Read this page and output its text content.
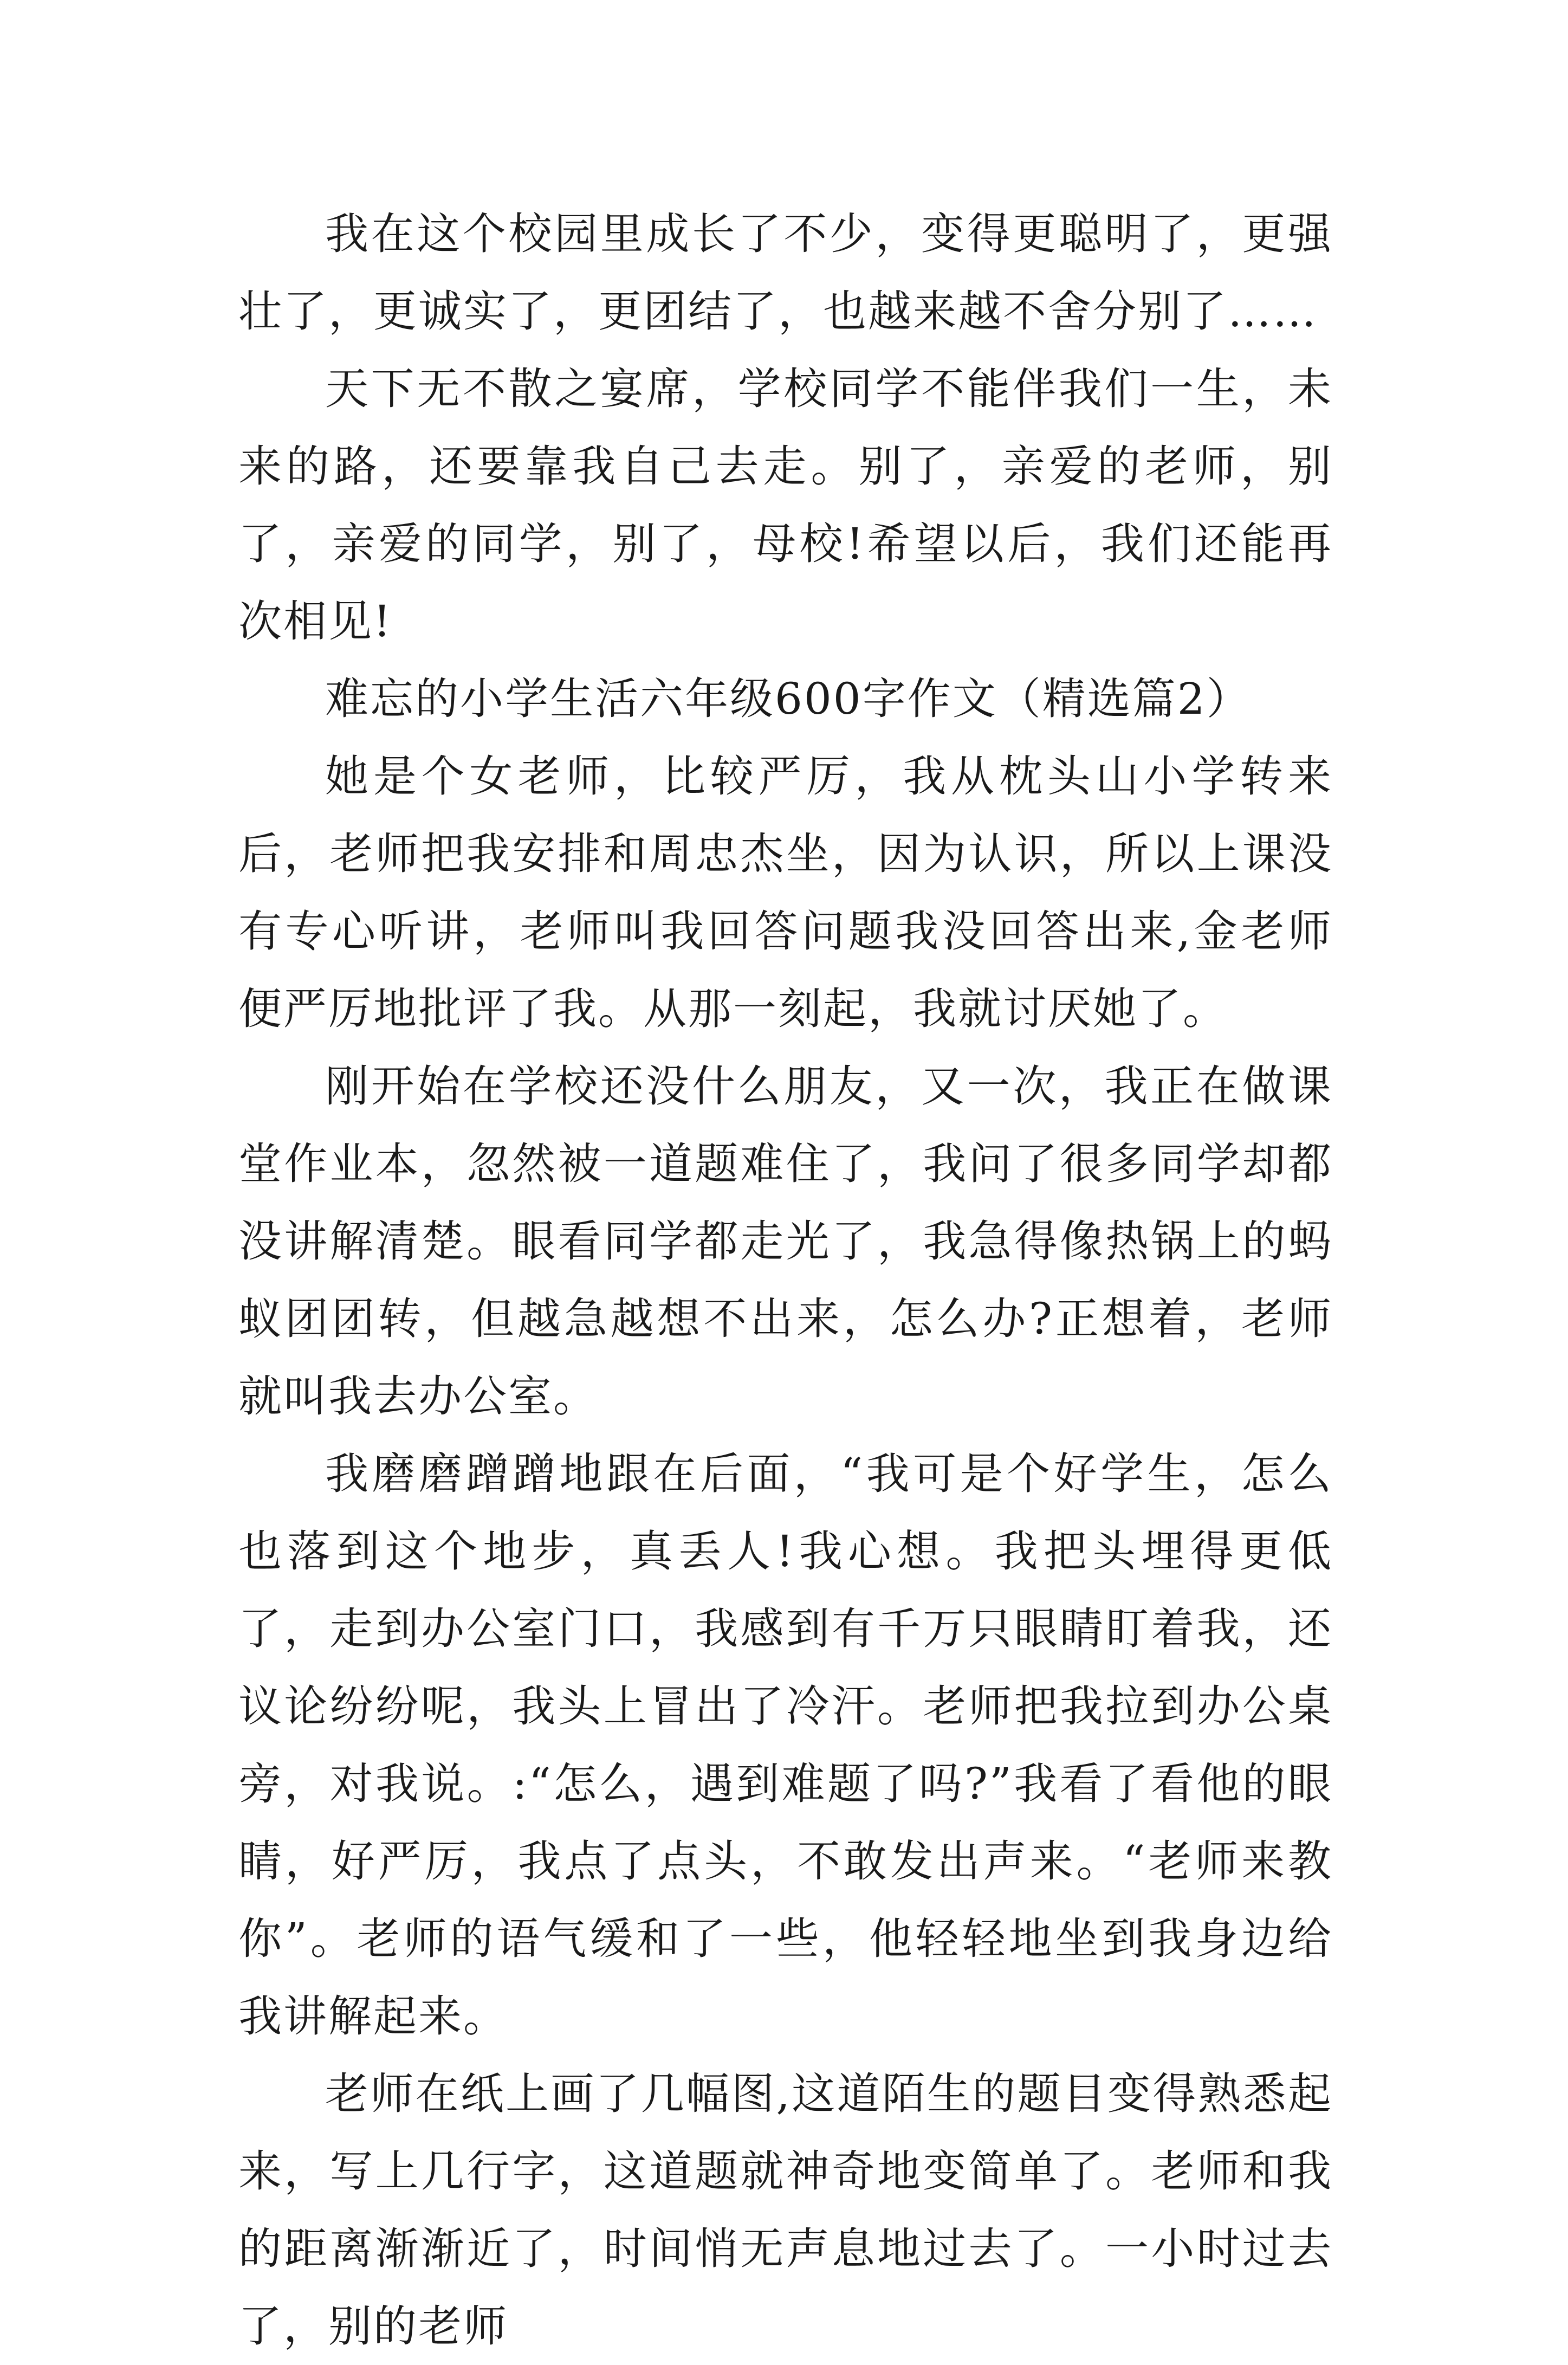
我在这个校园里成长了不少，变得更聪明了，更强壮了，更诚实了，更团结了，也越来越不舍分别了……

天下无不散之宴席，学校同学不能伴我们一生，未来的路，还要靠我自己去走。别了，亲爱的老师，别了，亲爱的同学，别了，母校!希望以后，我们还能再次相见!

难忘的小学生活六年级600字作文（精选篇2）

她是个女老师，比较严厉，我从枕头山小学转来后，老师把我安排和周忠杰坐，因为认识，所以上课没有专心听讲，老师叫我回答问题我没回答出来,金老师便严厉地批评了我。从那一刻起，我就讨厌她了。

刚开始在学校还没什么朋友，又一次，我正在做课堂作业本，忽然被一道题难住了，我问了很多同学却都没讲解清楚。眼看同学都走光了，我急得像热锅上的蚂蚁团团转，但越急越想不出来，怎么办?正想着，老师就叫我去办公室。

我磨磨蹭蹭地跟在后面，“我可是个好学生，怎么也落到这个地步，真丢人!我心想。我把头埋得更低了，走到办公室门口，我感到有千万只眼睛盯着我，还议论纷纷呢，我头上冒出了冷汗。老师把我拉到办公桌旁，对我说。:“怎么，遇到难题了吗?”我看了看他的眼睛，好严厉，我点了点头，不敢发出声来。“老师来教你”。老师的语气缓和了一些，他轻轻地坐到我身边给我讲解起来。

老师在纸上画了几幅图,这道陌生的题目变得熟悉起来，写上几行字，这道题就神奇地变简单了。老师和我的距离渐渐近了，时间悄无声息地过去了。一小时过去了，别的老师
